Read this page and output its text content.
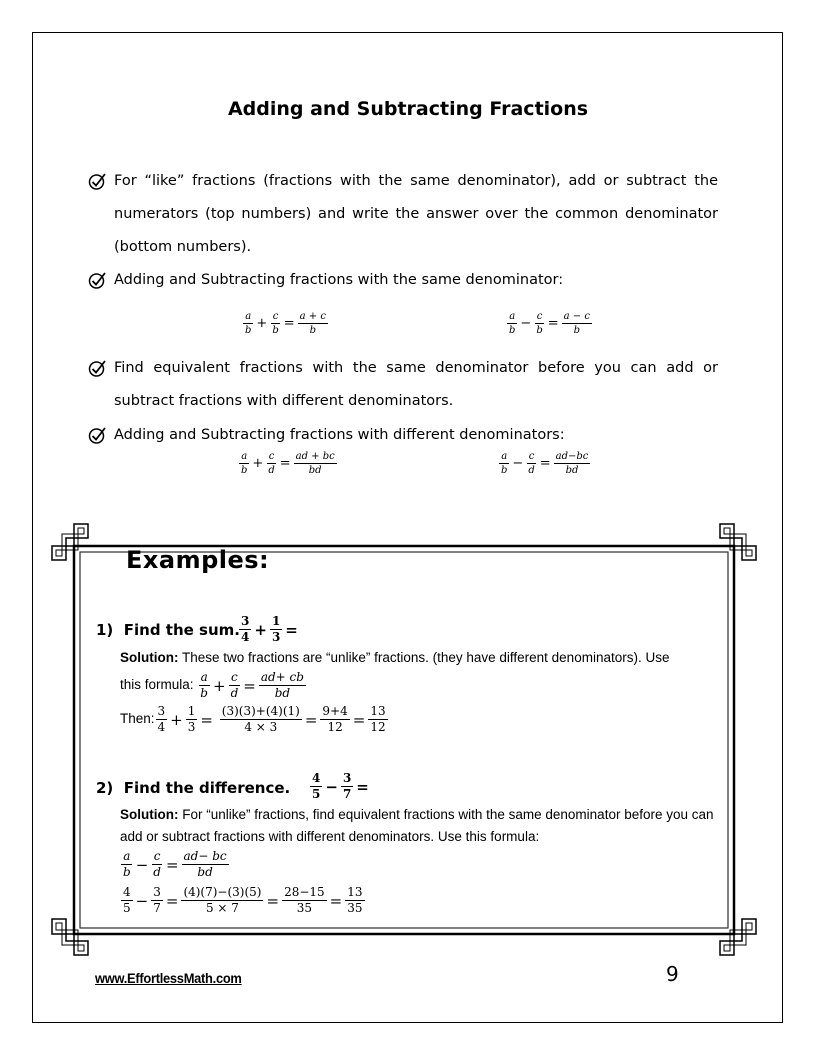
Adding and Subtracting Fractions
For “like” fractions (fractions with the same denominator), add or subtract the numerators (top numbers) and write the answer over the common denominator (bottom numbers).
Adding and Subtracting fractions with the same denominator:
$\frac{a}{b} + \frac{c}{b} = \frac{a + c}{b}$	$\frac{a}{b} - \frac{c}{b} = \frac{a - c}{b}$
Find equivalent fractions with the same denominator before you can add or subtract fractions with different denominators.
Adding and Subtracting fractions with different denominators:
$\frac{a}{b} + \frac{c}{d} = \frac{ad + bc}{bd}$	$\frac{a}{b} - \frac{c}{d} = \frac{ad-bc}{bd}$
Examples:
1) Find the sum. $\frac{3}{4} + \frac{1}{3}$ =
Solution: These two fractions are “unlike” fractions. (they have different denominators). Use
this formula: $\frac{a}{b} + \frac{c}{d} = \frac{ad+ cb}{bd}$
Then: $\frac{3}{4} + \frac{1}{3} = \frac{(3)(3)+(4)(1)}{4 \times 3} = \frac{9+4}{12} = \frac{13}{12}$
2) Find the difference. $\frac{4}{5} - \frac{3}{7}$ =
Solution: For “unlike” fractions, find equivalent fractions with the same denominator before you can add or subtract fractions with different denominators. Use this formula:
$\frac{a}{b} - \frac{c}{d} = \frac{ad- bc}{bd}$
$\frac{4}{5} - \frac{3}{7} = \frac{(4)(7)-(3)(5)}{5 \times 7} = \frac{28-15}{35} = \frac{13}{35}$
www.EffortlessMath.com	9
